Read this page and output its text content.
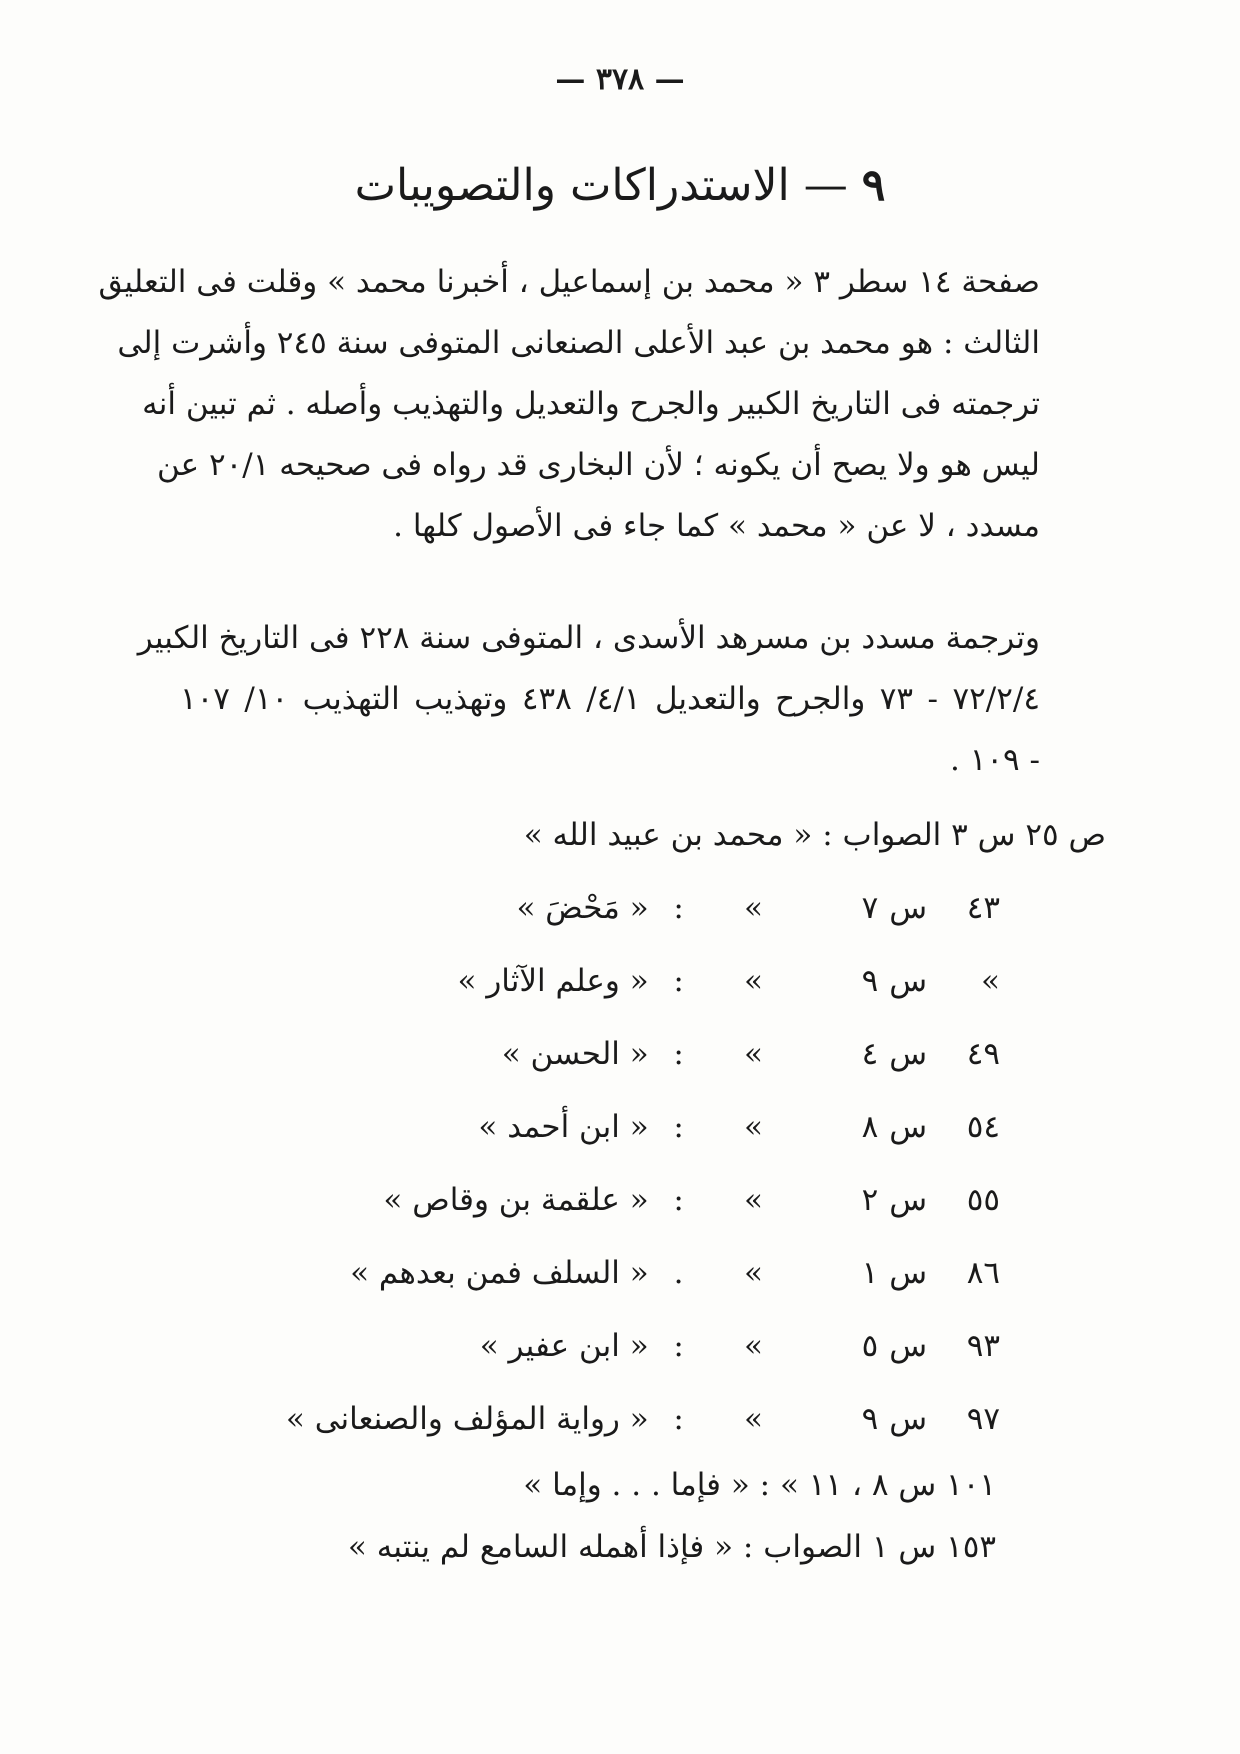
— ٣٧٨ —
٩ — الاستدراكات والتصويبات
صفحة ١٤ سطر ٣ « محمد بن إسماعيل ، أخبرنا محمد » وقلت فى التعليق
الثالث : هو محمد بن عبد الأعلى الصنعانى المتوفى سنة ٢٤٥ وأشرت إلى
ترجمته فى التاريخ الكبير والجرح والتعديل والتهذيب وأصله . ثم تبين أنه
ليس هو ولا يصح أن يكونه ؛ لأن البخارى قد رواه فى صحيحه ٢٠/١ عن
مسدد ، لا عن « محمد » كما جاء فى الأصول كلها .
وترجمة مسدد بن مسرهد الأسدى ، المتوفى سنة ٢٢٨ فى التاريخ الكبير
٧٢/٢/٤ - ٧٣ والجرح والتعديل ٤/١/ ٤٣٨ وتهذيب التهذيب ١٠/ ١٠٧
- ١٠٩ .
ص ٢٥ س ٣ الصواب : « محمد بن عبيد الله »
٤٣ س ٧ » : « مَحْضَ »
» س ٩ » : « وعلم الآثار »
٤٩ س ٤ » : « الحسن »
٥٤ س ٨ » : « ابن أحمد »
٥٥ س ٢ » : « علقمة بن وقاص »
٨٦ س ١ » . « السلف فمن بعدهم »
٩٣ س ٥ » : « ابن عفير »
٩٧ س ٩ » : « رواية المؤلف والصنعانى »
١٠١ س ٨ ، ١١ » : « فإما . . . وإما »
١٥٣ س ١ الصواب : « فإذا أهمله السامع لم ينتبه »
